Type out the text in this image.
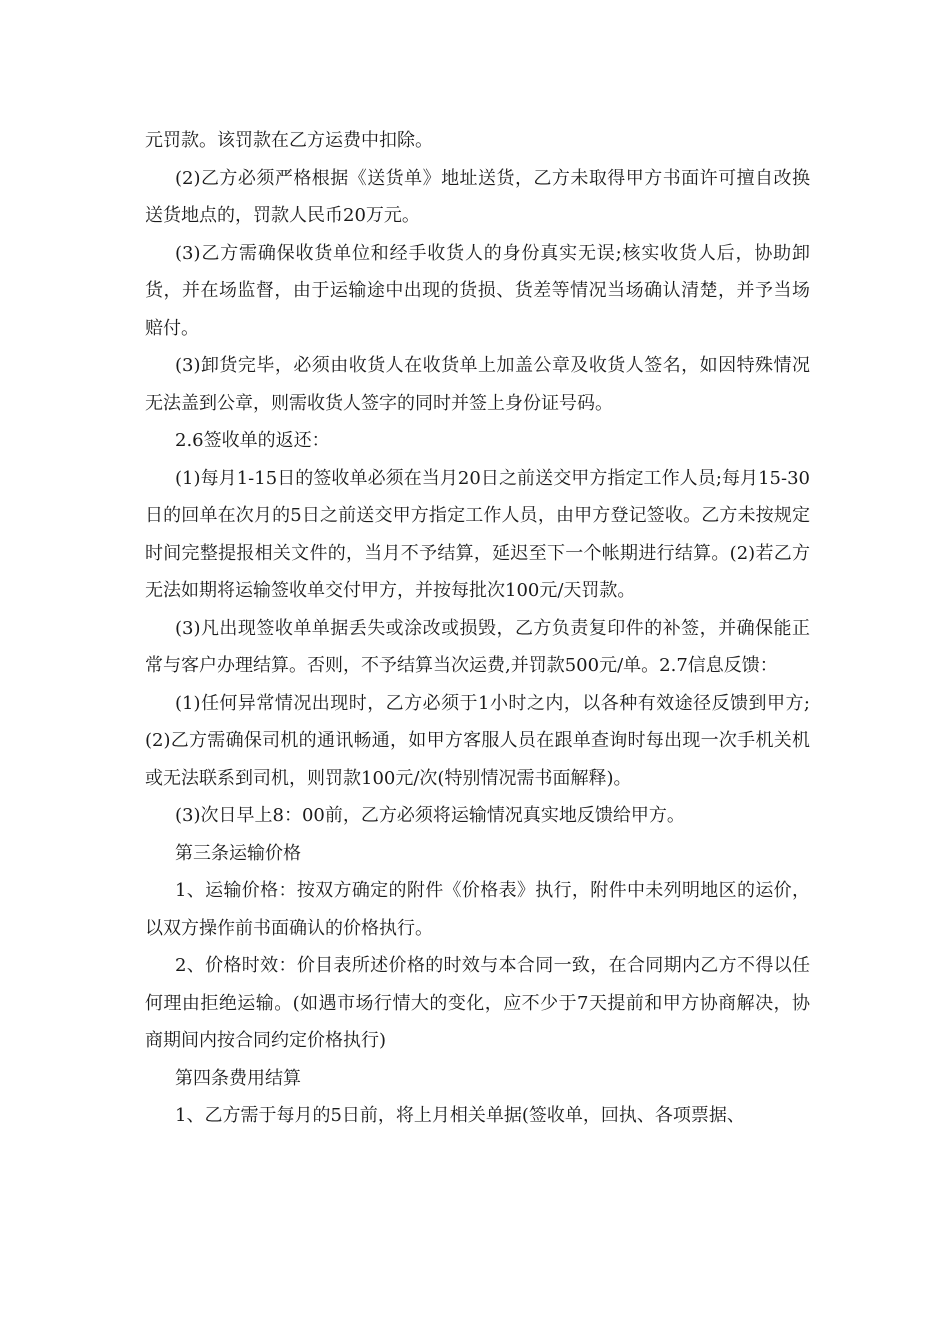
元罚款。该罚款在乙方运费中扣除。

(2)乙方必须严格根据《送货单》地址送货，乙方未取得甲方书面许可擅自改换送货地点的，罚款人民币20万元。

(3)乙方需确保收货单位和经手收货人的身份真实无误;核实收货人后，协助卸货，并在场监督，由于运输途中出现的货损、货差等情况当场确认清楚，并予当场赔付。

(3)卸货完毕，必须由收货人在收货单上加盖公章及收货人签名，如因特殊情况无法盖到公章，则需收货人签字的同时并签上身份证号码。

2.6签收单的返还：

(1)每月1-15日的签收单必须在当月20日之前送交甲方指定工作人员;每月15-30日的回单在次月的5日之前送交甲方指定工作人员，由甲方登记签收。乙方未按规定时间完整提报相关文件的，当月不予结算，延迟至下一个帐期进行结算。(2)若乙方无法如期将运输签收单交付甲方，并按每批次100元/天罚款。

(3)凡出现签收单单据丢失或涂改或损毁，乙方负责复印件的补签，并确保能正常与客户办理结算。否则，不予结算当次运费,并罚款500元/单。2.7信息反馈：

(1)任何异常情况出现时，乙方必须于1小时之内，以各种有效途径反馈到甲方;(2)乙方需确保司机的通讯畅通，如甲方客服人员在跟单查询时每出现一次手机关机或无法联系到司机，则罚款100元/次(特别情况需书面解释)。

(3)次日早上8：00前，乙方必须将运输情况真实地反馈给甲方。

第三条运输价格

1、运输价格：按双方确定的附件《价格表》执行，附件中未列明地区的运价，以双方操作前书面确认的价格执行。

2、价格时效：价目表所述价格的时效与本合同一致，在合同期内乙方不得以任何理由拒绝运输。(如遇市场行情大的变化，应不少于7天提前和甲方协商解决，协商期间内按合同约定价格执行)

第四条费用结算

1、乙方需于每月的5日前，将上月相关单据(签收单，回执、各项票据、
